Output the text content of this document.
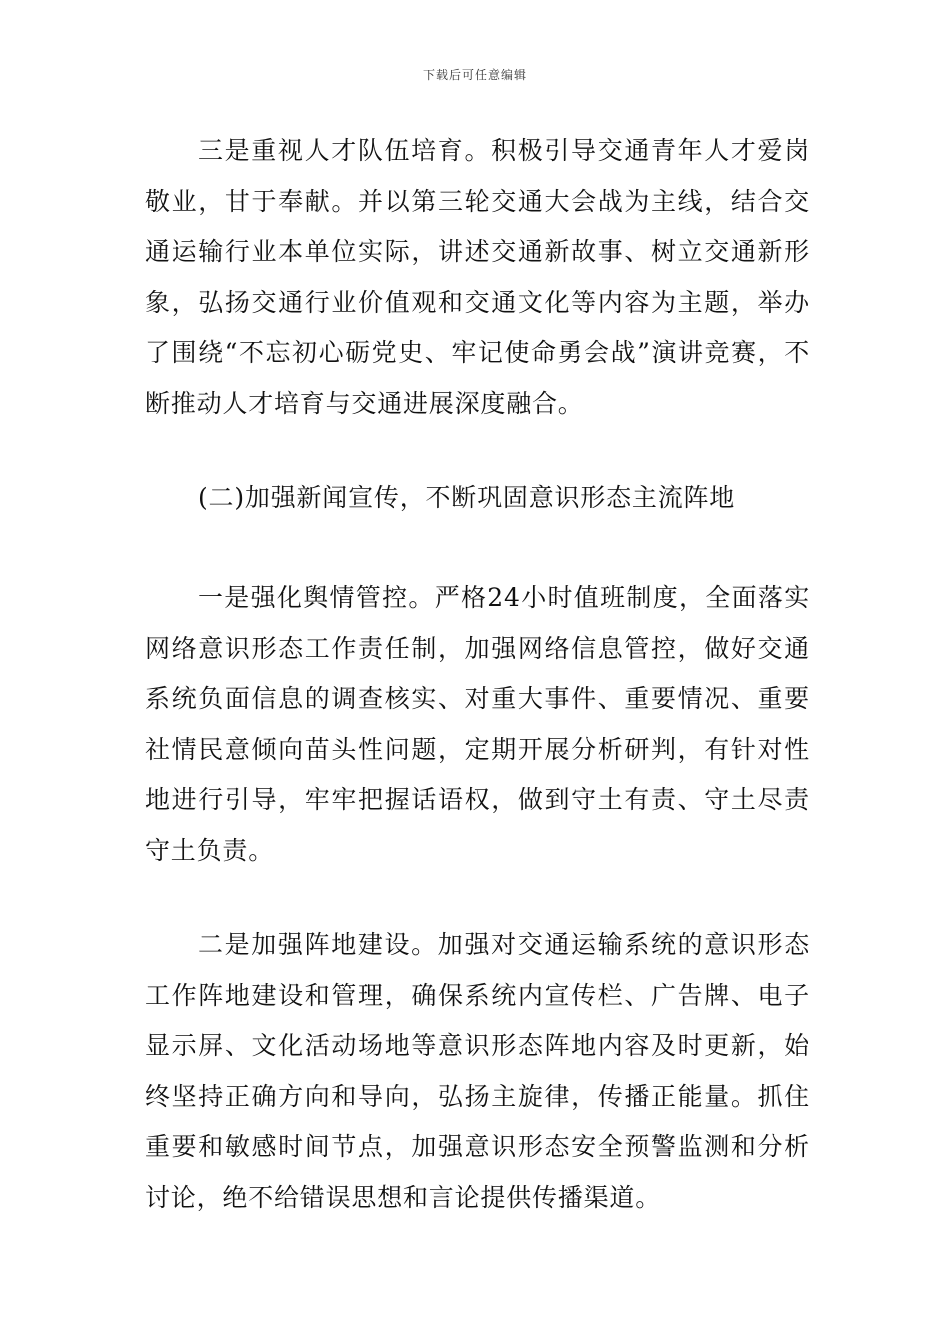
下载后可任意编辑

三是重视人才队伍培育。积极引导交通青年人才爱岗敬业，甘于奉献。并以第三轮交通大会战为主线，结合交通运输行业本单位实际，讲述交通新故事、树立交通新形象，弘扬交通行业价值观和交通文化等内容为主题，举办了围绕“不忘初心砺党史、牢记使命勇会战”演讲竞赛，不断推动人才培育与交通进展深度融合。

(二)加强新闻宣传，不断巩固意识形态主流阵地

一是强化舆情管控。严格24小时值班制度，全面落实网络意识形态工作责任制，加强网络信息管控，做好交通系统负面信息的调查核实、对重大事件、重要情况、重要社情民意倾向苗头性问题，定期开展分析研判，有针对性地进行引导，牢牢把握话语权，做到守土有责、守土尽责守土负责。

二是加强阵地建设。加强对交通运输系统的意识形态工作阵地建设和管理，确保系统内宣传栏、广告牌、电子显示屏、文化活动场地等意识形态阵地内容及时更新，始终坚持正确方向和导向，弘扬主旋律，传播正能量。抓住重要和敏感时间节点，加强意识形态安全预警监测和分析讨论，绝不给错误思想和言论提供传播渠道。
